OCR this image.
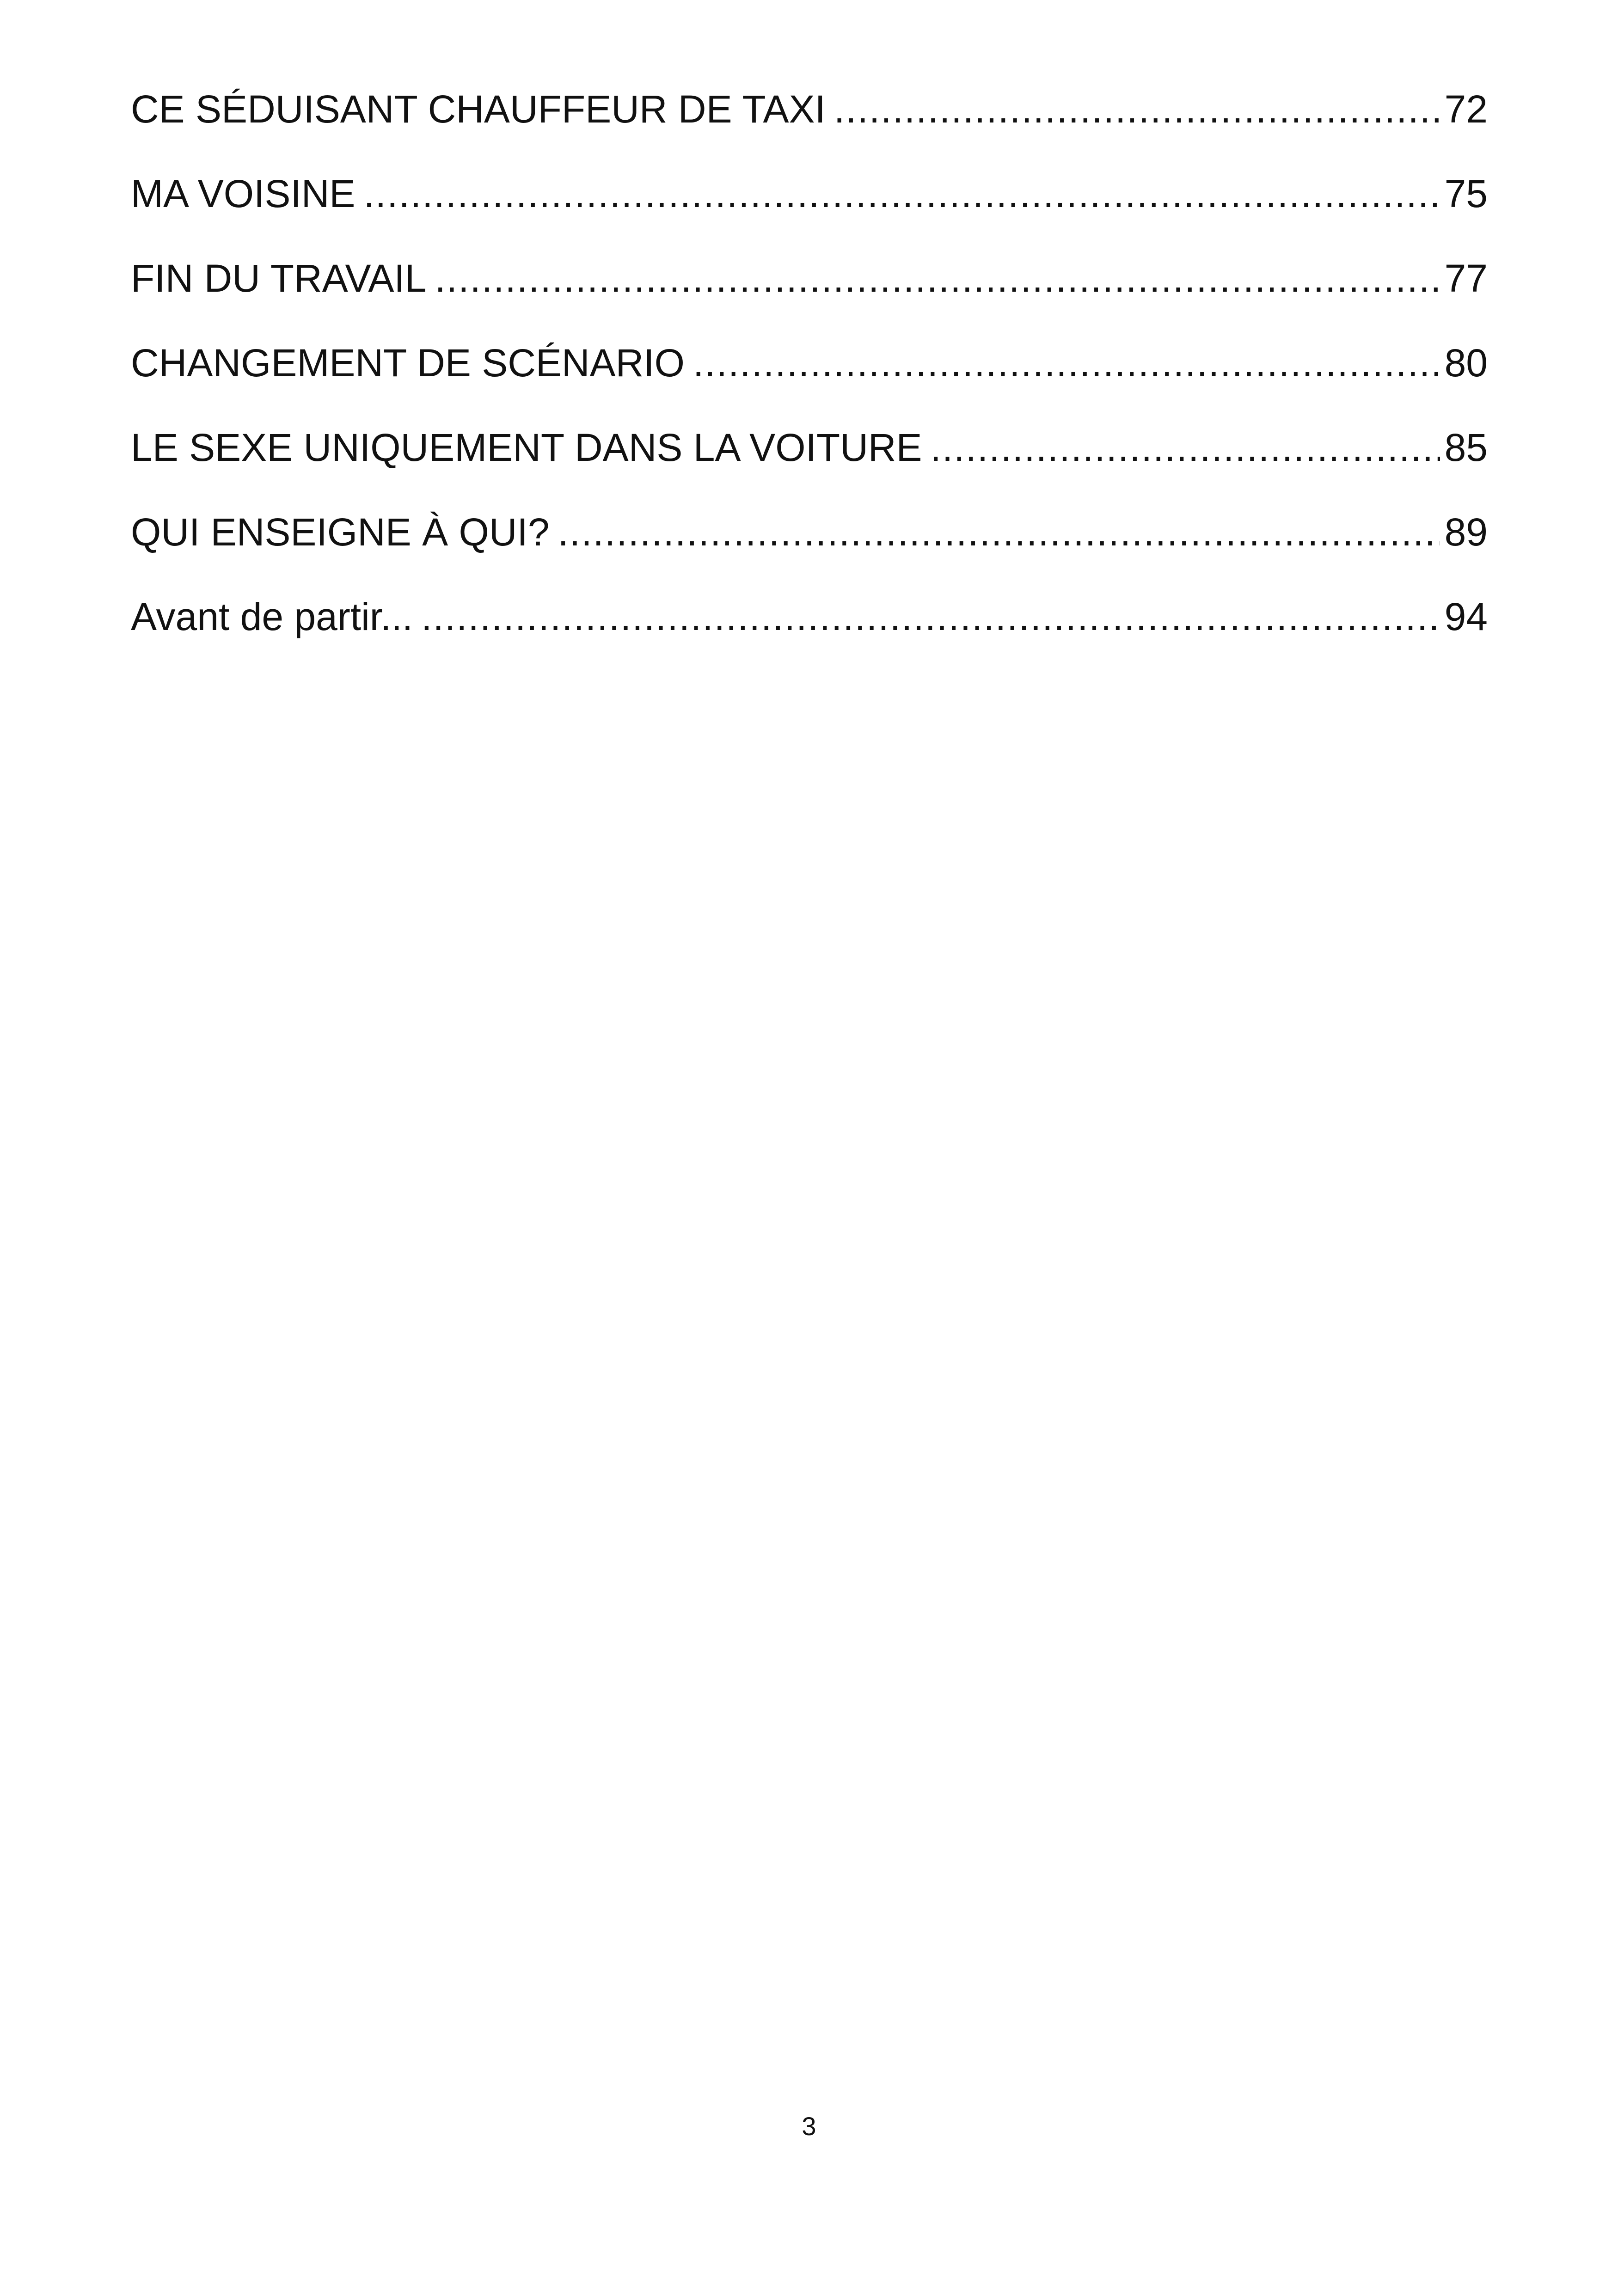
CE SÉDUISANT CHAUFFEUR DE TAXI .....	72
MA VOISINE .....	75
FIN DU TRAVAIL .....	77
CHANGEMENT DE SCÉNARIO .....	80
LE SEXE UNIQUEMENT DANS LA VOITURE .....	85
QUI ENSEIGNE À QUI? .....	89
Avant de partir... .....	94
3
